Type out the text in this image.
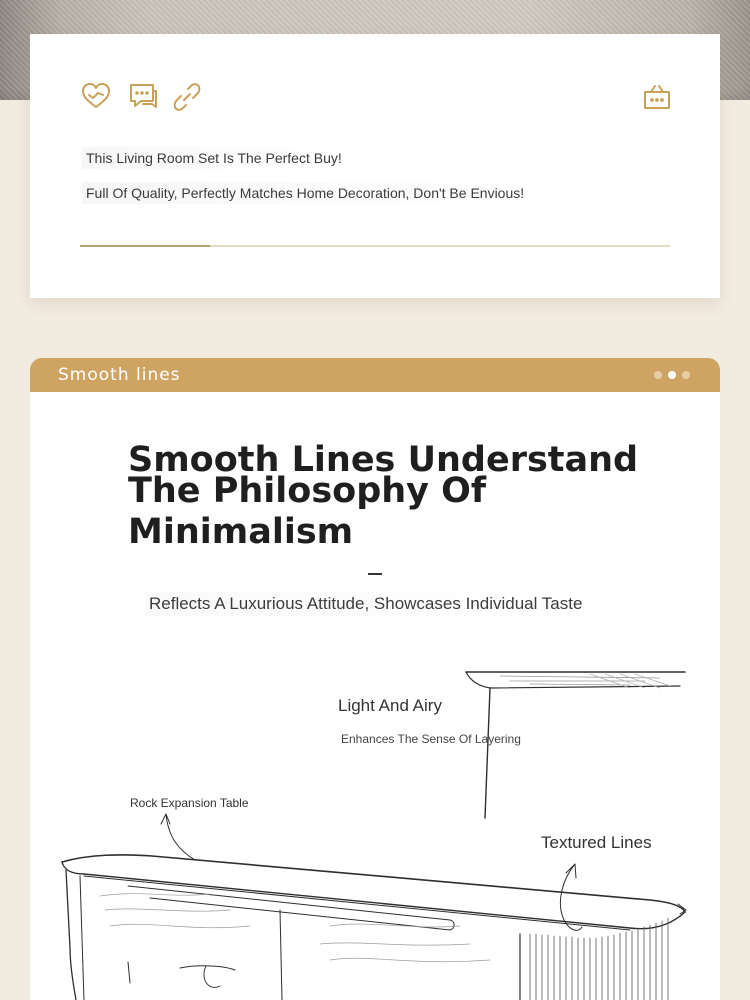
This Living Room Set Is The Perfect Buy!
Full Of Quality, Perfectly Matches Home Decoration, Don't Be Envious!
Smooth lines
Smooth Lines Understand
The Philosophy Of
Minimalism
Reflects A Luxurious Attitude, Showcases Individual Taste
Light And Airy
Enhances The Sense Of Layering
Rock Expansion Table
Textured Lines
